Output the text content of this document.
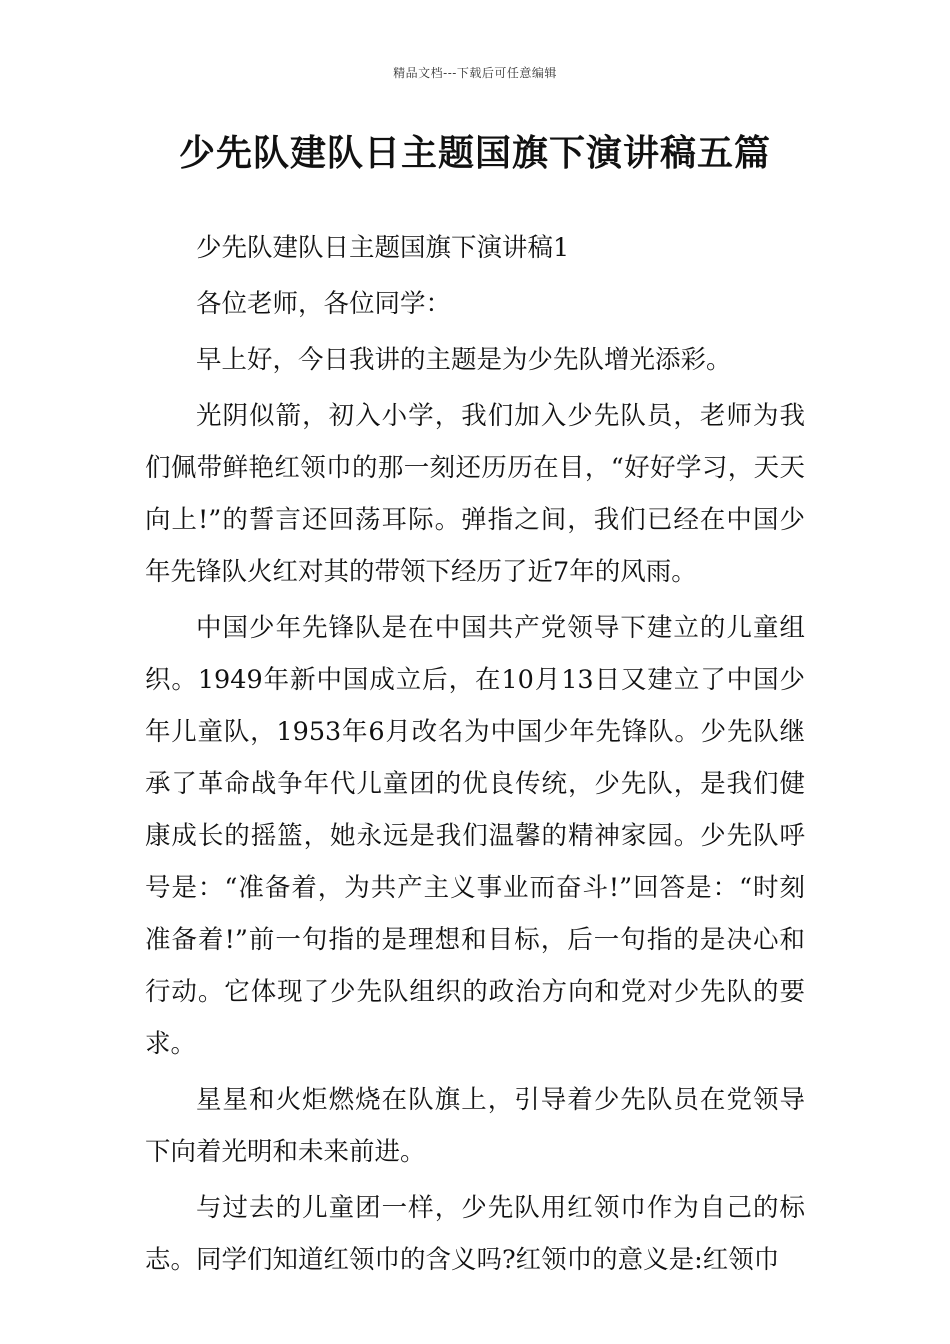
精品文档---下载后可任意编辑
少先队建队日主题国旗下演讲稿五篇

少先队建队日主题国旗下演讲稿1

各位老师，各位同学：

早上好，今日我讲的主题是为少先队增光添彩。

光阴似箭，初入小学，我们加入少先队员，老师为我们佩带鲜艳红领巾的那一刻还历历在目，“好好学习，天天向上!”的誓言还回荡耳际。弹指之间，我们已经在中国少年先锋队火红对其的带领下经历了近7年的风雨。

中国少年先锋队是在中国共产党领导下建立的儿童组织。1949年新中国成立后，在10月13日又建立了中国少年儿童队，1953年6月改名为中国少年先锋队。少先队继承了革命战争年代儿童团的优良传统，少先队，是我们健康成长的摇篮，她永远是我们温馨的精神家园。少先队呼号是：“准备着，为共产主义事业而奋斗!”回答是：“时刻准备着!”前一句指的是理想和目标，后一句指的是决心和行动。它体现了少先队组织的政治方向和党对少先队的要求。

星星和火炬燃烧在队旗上，引导着少先队员在党领导下向着光明和未来前进。

与过去的儿童团一样，少先队用红领巾作为自己的标志。同学们知道红领巾的含义吗?红领巾的意义是:红领巾
